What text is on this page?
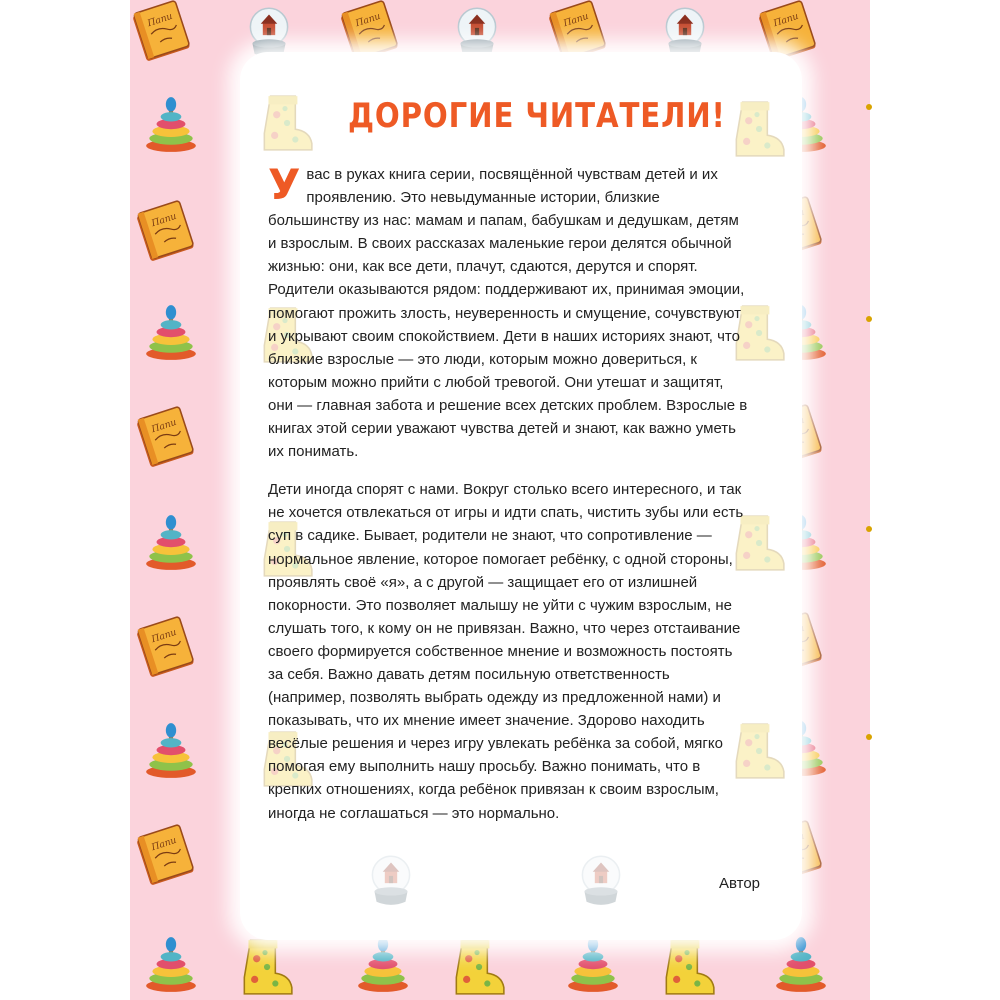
ДОРОГИЕ ЧИТАТЕЛИ!

У вас в руках книга серии, посвящённой чувствам детей и их проявлению. Это невыдуманные истории, близкие большинству из нас: мамам и папам, бабушкам и дедушкам, детям и взрослым. В своих рассказах маленькие герои делятся обычной жизнью: они, как все дети, плачут, сдаются, дерутся и спорят. Родители оказываются рядом: поддерживают их, принимая эмоции, помогают прожить злость, неуверенность и смущение, сочувствуют и укрывают своим спокойствием. Дети в наших историях знают, что близкие взрослые — это люди, которым можно довериться, к которым можно прийти с любой тревогой. Они утешат и защитят, они — главная забота и решение всех детских проблем. Взрослые в книгах этой серии уважают чувства детей и знают, как важно уметь их понимать.

Дети иногда спорят с нами. Вокруг столько всего интересного, и так не хочется отвлекаться от игры и идти спать, чистить зубы или есть суп в садике. Бывает, родители не знают, что сопротивление — нормальное явление, которое помогает ребёнку, с одной стороны, проявлять своё «я», а с другой — защищает его от излишней покорности. Это позволяет малышу не уйти с чужим взрослым, не слушать того, к кому он не привязан. Важно, что через отстаивание своего формируется собственное мнение и возможность постоять за себя. Важно давать детям посильную ответственность (например, позволять выбрать одежду из предложенной нами) и показывать, что их мнение имеет значение. Здорово находить весёлые решения и через игру увлекать ребёнка за собой, мягко помогая ему выполнить нашу просьбу. Важно понимать, что в крепких отношениях, когда ребёнок привязан к своим взрослым, иногда не соглашаться — это нормально.

Автор
